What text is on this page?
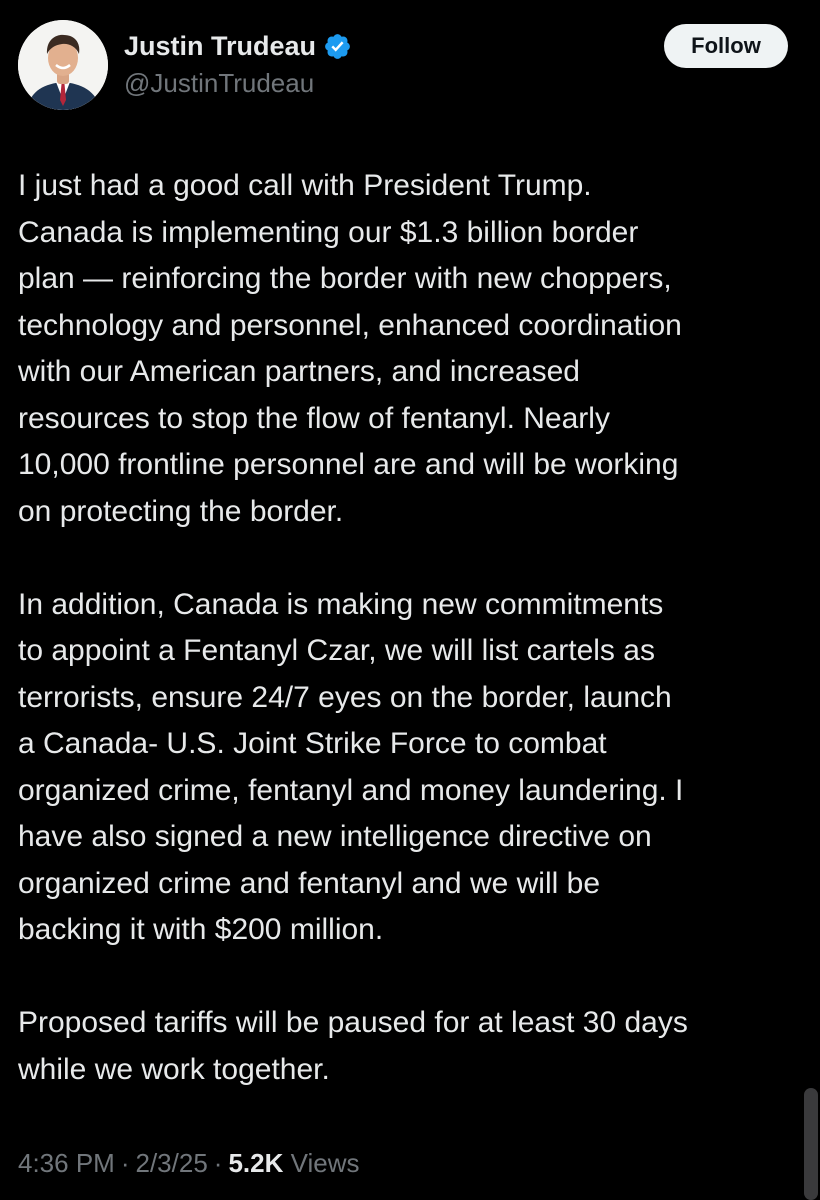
Justin Trudeau
@JustinTrudeau
Follow

I just had a good call with President Trump.
Canada is implementing our $1.3 billion border
plan — reinforcing the border with new choppers,
technology and personnel, enhanced coordination
with our American partners, and increased
resources to stop the flow of fentanyl. Nearly
10,000 frontline personnel are and will be working
on protecting the border.

In addition, Canada is making new commitments
to appoint a Fentanyl Czar, we will list cartels as
terrorists, ensure 24/7 eyes on the border, launch
a Canada- U.S. Joint Strike Force to combat
organized crime, fentanyl and money laundering. I
have also signed a new intelligence directive on
organized crime and fentanyl and we will be
backing it with $200 million.

Proposed tariffs will be paused for at least 30 days
while we work together.

4:36 PM · 2/3/25 · 5.2K Views
